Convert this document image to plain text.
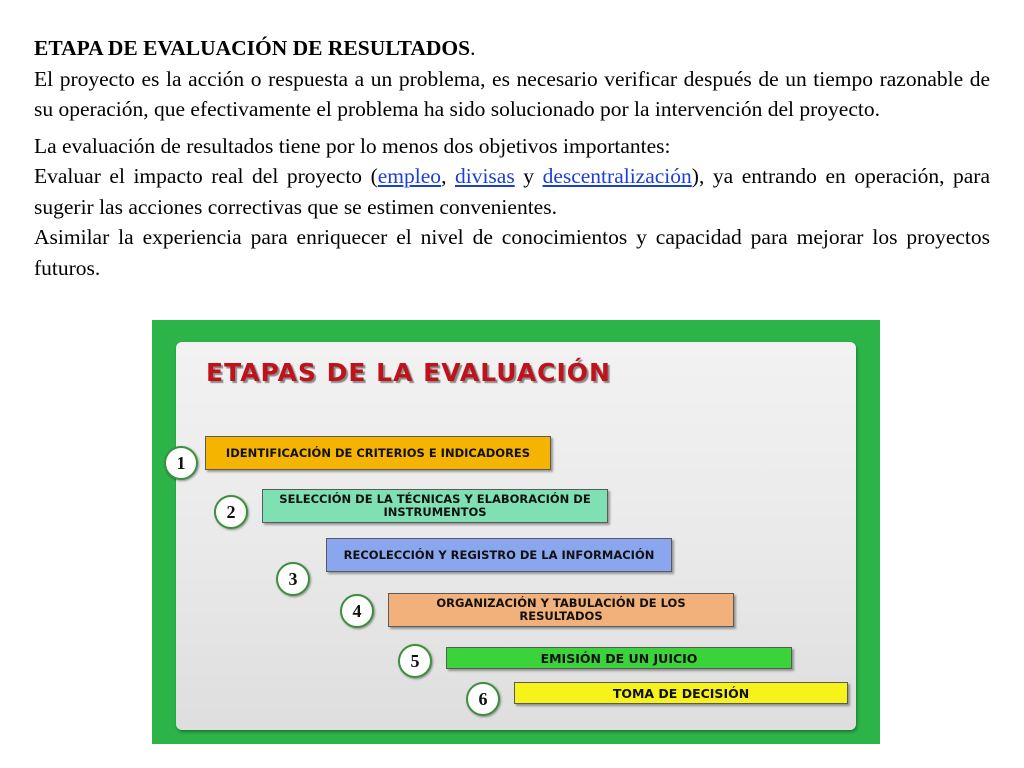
ETAPA DE EVALUACIÓN DE RESULTADOS.

El proyecto es la acción o respuesta a un problema, es necesario verificar después de un tiempo razonable de su operación, que efectivamente el problema ha sido solucionado por la intervención del proyecto.

La evaluación de resultados tiene por lo menos dos objetivos importantes:

Evaluar el impacto real del proyecto (empleo, divisas y descentralización), ya entrando en operación, para sugerir las acciones correctivas que se estimen convenientes.

Asimilar la experiencia para enriquecer el nivel de conocimientos y capacidad para mejorar los proyectos futuros.

ETAPAS DE LA EVALUACIÓN
1
IDENTIFICACIÓN DE CRITERIOS E INDICADORES
2
SELECCIÓN DE LA TÉCNICAS Y ELABORACIÓN DE INSTRUMENTOS
3
RECOLECCIÓN Y REGISTRO DE LA INFORMACIÓN
4	ORGANIZACIÓN Y TABULACIÓN DE LOS RESULTADOS
5	EMISIÓN DE UN JUICIO
6	TOMA DE DECISIÓN
